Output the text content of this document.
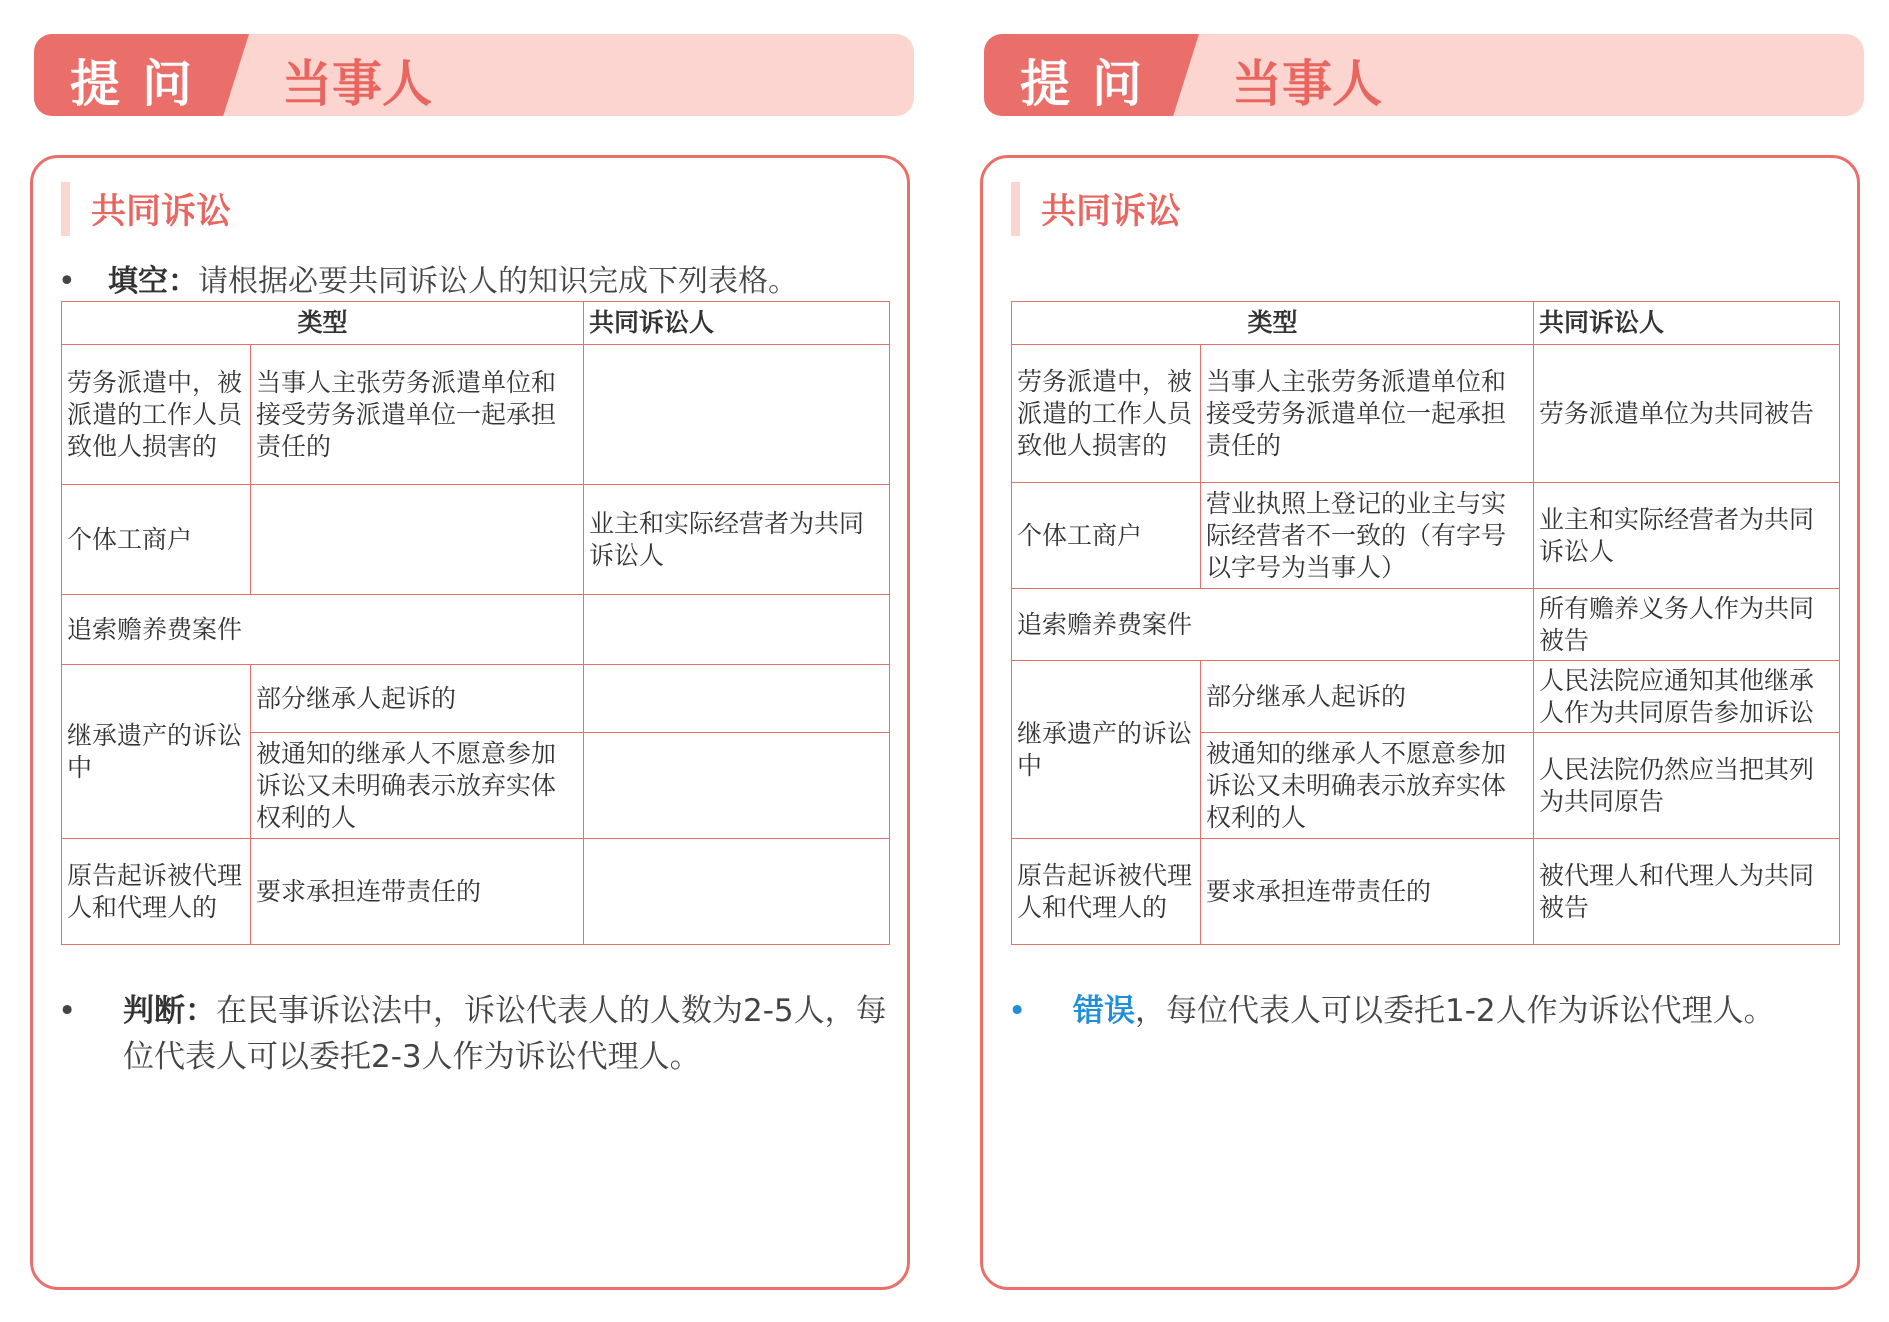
提问 当事人
共同诉讼
• 填空：请根据必要共同诉讼人的知识完成下列表格。
类型		共同诉讼人
劳务派遣中，被派遣的工作人员致他人损害的	当事人主张劳务派遣单位和接受劳务派遣单位一起承担责任的	
个体工商户		业主和实际经营者为共同诉讼人
追索赡养费案件		
继承遗产的诉讼中	部分继承人起诉的	
	被通知的继承人不愿意参加诉讼又未明确表示放弃实体权利的人	
原告起诉被代理人和代理人的	要求承担连带责任的	
•	判断：在民事诉讼法中，诉讼代表人的人数为2-5人，每位代表人可以委托2-3人作为诉讼代理人。
提问 当事人
共同诉讼
类型		共同诉讼人
劳务派遣中，被派遣的工作人员致他人损害的	当事人主张劳务派遣单位和接受劳务派遣单位一起承担责任的	劳务派遣单位为共同被告
个体工商户	营业执照上登记的业主与实际经营者不一致的（有字号以字号为当事人）	业主和实际经营者为共同诉讼人
追索赡养费案件		所有赡养义务人作为共同被告
继承遗产的诉讼中	部分继承人起诉的	人民法院应通知其他继承人作为共同原告参加诉讼
	被通知的继承人不愿意参加诉讼又未明确表示放弃实体权利的人	人民法院仍然应当把其列为共同原告
原告起诉被代理人和代理人的	要求承担连带责任的	被代理人和代理人为共同被告
•	错误，每位代表人可以委托1-2人作为诉讼代理人。
